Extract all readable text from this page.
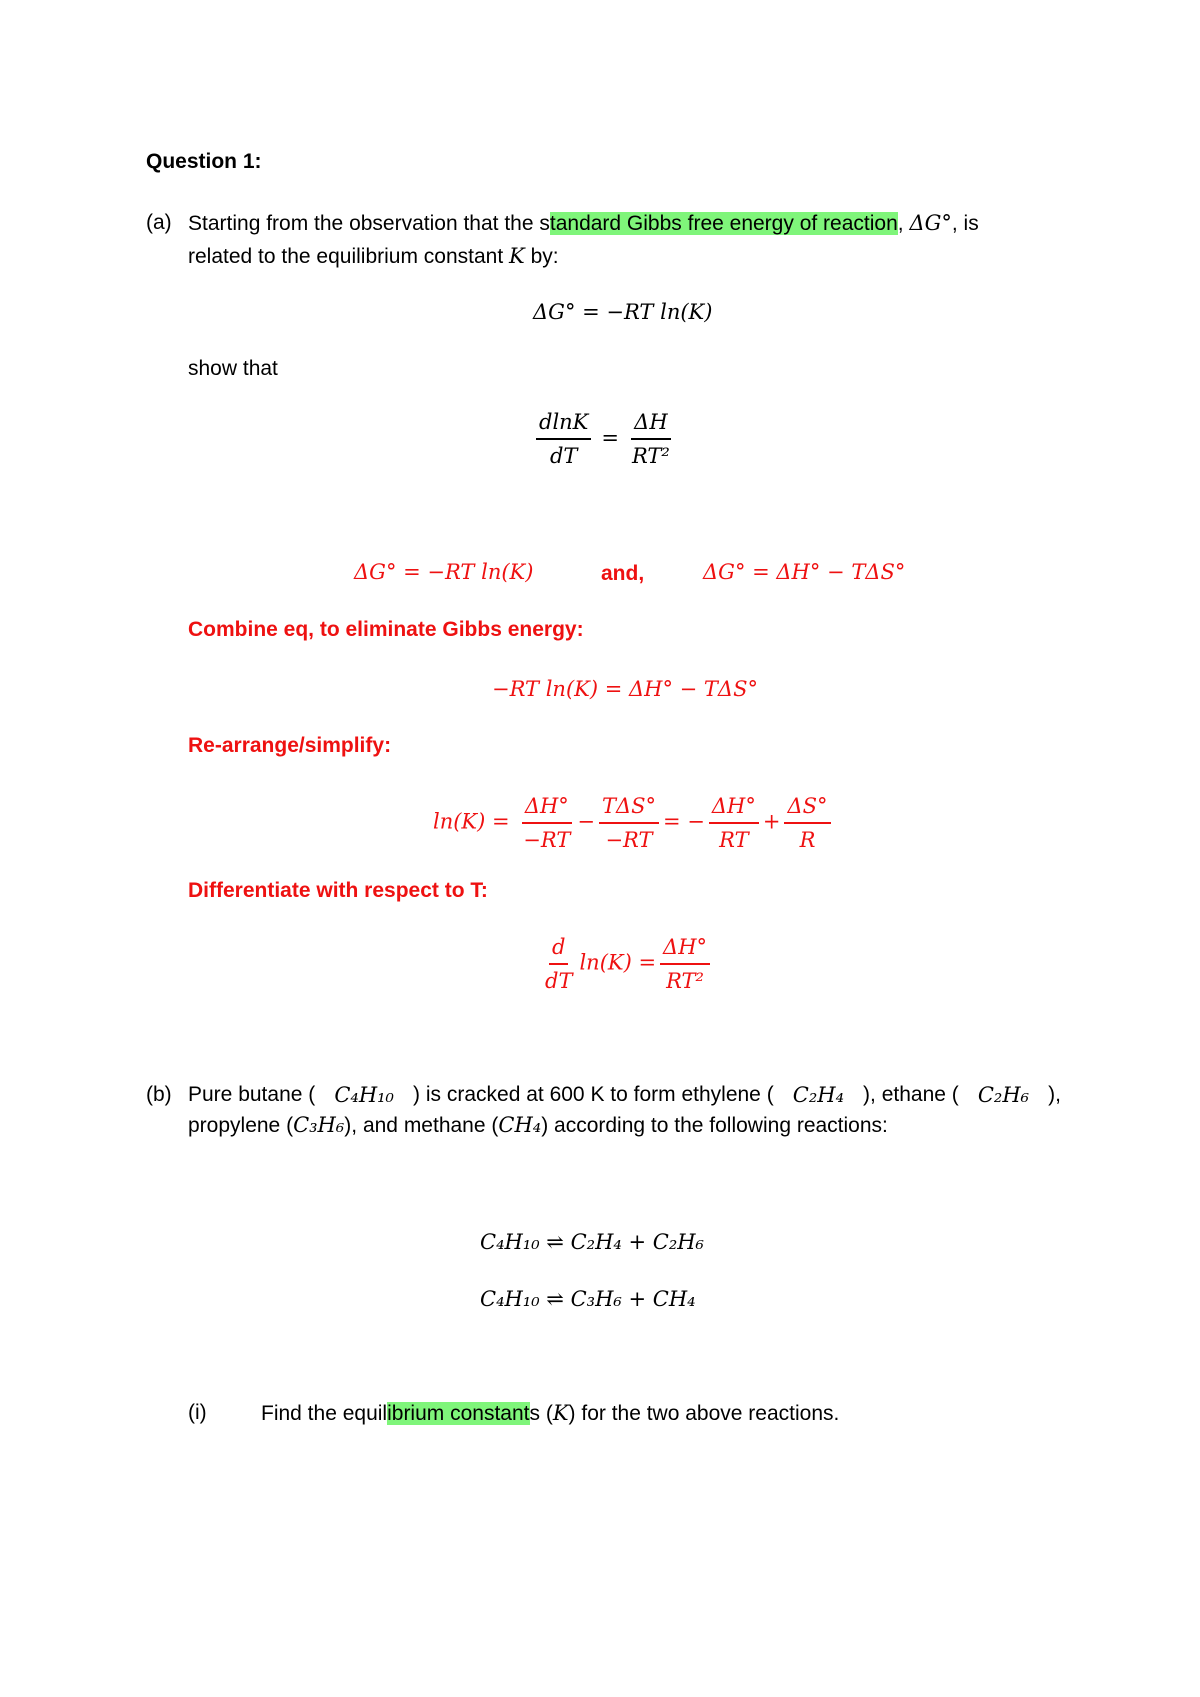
Question 1:
(a) Starting from the observation that the standard Gibbs free energy of reaction, ΔG°, is
related to the equilibrium constant K by:
ΔG° = −RT ln(K)
show that
$\frac{dlnK}{dT} = \frac{\Delta H}{\text{RT²}}$
ΔG° = −RT ln(K)	and,	ΔG° = ΔH° − TΔS°
Combine eq, to eliminate Gibbs energy:
−RT ln(K) = ΔH° − TΔS°
Re-arrange/simplify:
$\ln(K) = \frac{\Delta H^\circ}{-RT} - \frac{\text{TΔS°}}{-RT}$ = − $\frac{\Delta H^\circ}{RT} + \frac{\Delta S^\circ}{R}$
Differentiate with respect to T:
$\frac{d}{dT} \ln(K) = \frac{\Delta H^\circ}{\text{RT²}}$
(b) Pure butane ( C₄H₁₀ ) is cracked at 600 K to form ethylene ( C₂H₄ ), ethane ( C₂H₆ ),
propylene (C₃H₆), and methane (CH₄) according to the following reactions:
C₄H₁₀ ⇌ C₂H₄ + C₂H₆
C₄H₁₀ ⇌ C₃H₆ + CH₄
(i)	Find the equilibrium constants (K) for the two above reactions.
